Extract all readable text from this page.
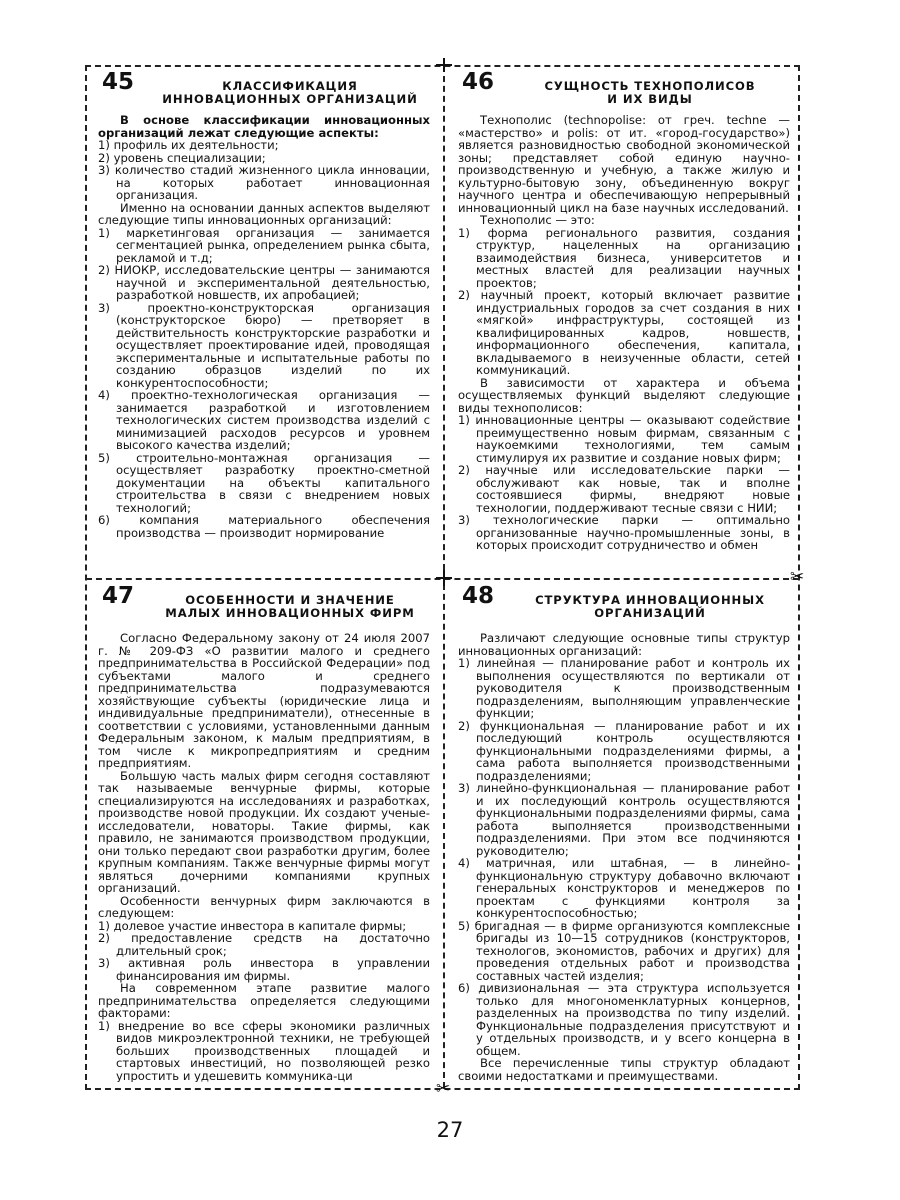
✂
✂
45	КЛАССИФИКАЦИЯ
ИННОВАЦИОННЫХ ОРГАНИЗАЦИЙ

В основе классификации инновационных организаций лежат следующие аспекты:

1) профиль их деятельности;

2) уровень специализации;

3) количество стадий жизненного цикла инновации, на которых работает инновационная организация.

Именно на основании данных аспектов выделяют следующие типы инновационных организаций:

1) маркетинговая организация — занимается сегментацией рынка, определением рынка сбыта, рекламой и т.д;

2) НИОКР, исследовательские центры — занимаются научной и экспериментальной деятельностью, разработкой новшеств, их апробацией;

3) проектно-конструкторская организация (конструкторское бюро) — претворяет в действительность конструкторские разработки и осуществляет проектирование идей, проводящая экспериментальные и испытательные работы по созданию образцов изделий по их конкурентоспособности;

4) проектно-технологическая организация — занимается разработкой и изготовлением технологических систем производства изделий с минимизацией расходов ресурсов и уровнем высокого качества изделий;

5) строительно-монтажная организация — осуществляет разработку проектно-сметной документации на объекты капитального строительства в связи с внедрением новых технологий;

6) компания материального обеспечения производства — производит нормирование

46	СУЩНОСТЬ ТЕХНОПОЛИСОВ
И ИХ ВИДЫ

Технополис (technopolise: от греч. techne — «мастерство» и polis: от ит. «город-государство») является разновидностью свободной экономической зоны; представляет собой единую научно-производственную и учебную, а также жилую и культурно-бытовую зону, объединенную вокруг научного центра и обеспечивающую непрерывный инновационный цикл на базе научных исследований.

Технополис — это:

1) форма регионального развития, создания структур, нацеленных на организацию взаимодействия бизнеса, университетов и местных властей для реализации научных проектов;

2) научный проект, который включает развитие индустриальных городов за счет создания в них «мягкой» инфраструктуры, состоящей из квалифицированных кадров, новшеств, информационного обеспечения, капитала, вкладываемого в неизученные области, сетей коммуникаций.

В зависимости от характера и объема осуществляемых функций выделяют следующие виды технополисов:

1) инновационные центры — оказывают содействие преимущественно новым фирмам, связанным с наукоемкими технологиями, тем самым стимулируя их развитие и создание новых фирм;

2) научные или исследовательские парки — обслуживают как новые, так и вполне состоявшиеся фирмы, внедряют новые технологии, поддерживают тесные связи с НИИ;

3) технологические парки — оптимально организованные научно-промышленные зоны, в которых происходит сотрудничество и обмен

47	ОСОБЕННОСТИ И ЗНАЧЕНИЕ
МАЛЫХ ИННОВАЦИОННЫХ ФИРМ

Согласно Федеральному закону от 24 июля 2007 г. № 209-ФЗ «О развитии малого и среднего предпринимательства в Российской Федерации» под субъектами малого и среднего предпринимательства подразумеваются хозяйствующие субъекты (юридические лица и индивидуальные предприниматели), отнесенные в соответствии с условиями, установленными данным Федеральным законом, к малым предприятиям, в том числе к микропредприятиям и средним предприятиям.

Большую часть малых фирм сегодня составляют так называемые венчурные фирмы, которые специализируются на исследованиях и разработках, производстве новой продукции. Их создают ученые-исследователи, новаторы. Такие фирмы, как правило, не занимаются производством продукции, они только передают свои разработки другим, более крупным компаниям. Также венчурные фирмы могут являться дочерними компаниями крупных организаций.

Особенности венчурных фирм заключаются в следующем:

1) долевое участие инвестора в капитале фирмы;

2) предоставление средств на достаточно длительный срок;

3) активная роль инвестора в управлении финансирования им фирмы.

На современном этапе развитие малого предпринимательства определяется следующими факторами:

1) внедрение во все сферы экономики различных видов микроэлектронной техники, не требующей больших производственных площадей и стартовых инвестиций, но позволяющей резко упростить и удешевить коммуника-ци

48	СТРУКТУРА ИННОВАЦИОННЫХ
ОРГАНИЗАЦИЙ

Различают следующие основные типы структур инновационных организаций:

1) линейная — планирование работ и контроль их выполнения осуществляются по вертикали от руководителя к производственным подразделениям, выполняющим управленческие функции;

2) функциональная — планирование работ и их последующий контроль осуществляются функциональными подразделениями фирмы, а сама работа выполняется производственными подразделениями;

3) линейно-функциональная — планирование работ и их последующий контроль осуществляются функциональными подразделениями фирмы, сама работа выполняется производственными подразделениями. При этом все подчиняются руководителю;

4) матричная, или штабная, — в линейно-функциональную структуру добавочно включают генеральных конструкторов и менеджеров по проектам с функциями контроля за конкурентоспособностью;

5) бригадная — в фирме организуются комплексные бригады из 10—15 сотрудников (конструкторов, технологов, экономистов, рабочих и других) для проведения отдельных работ и производства составных частей изделия;

6) дивизиональная — эта структура используется только для многономенклатурных концернов, разделенных на производства по типу изделий. Функциональные подразделения присутствуют и у отдельных производств, и у всего концерна в общем.

Все перечисленные типы структур обладают своими недостатками и преимуществами.

27
